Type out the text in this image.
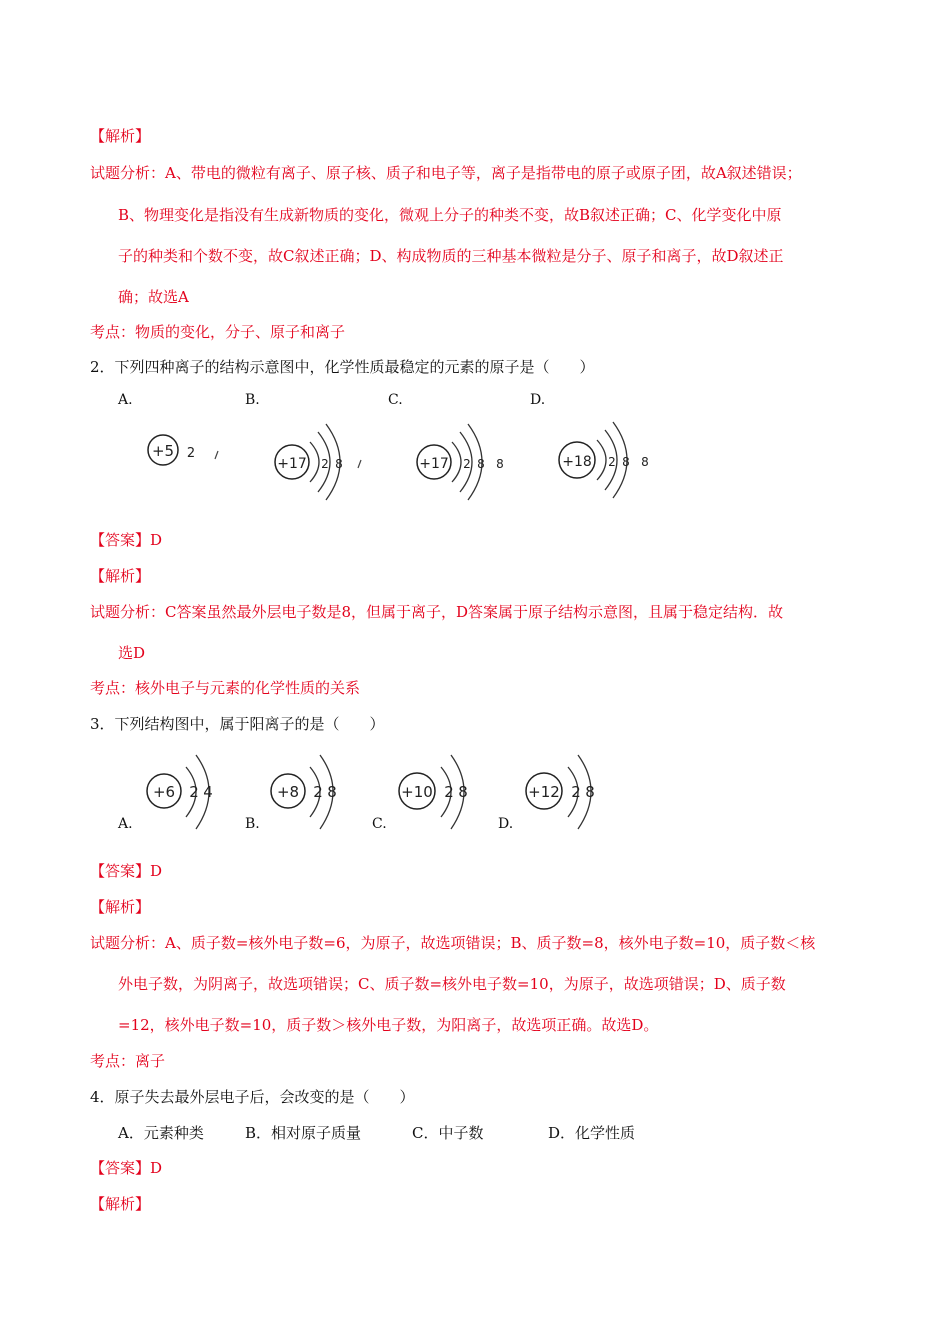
【解析】
试题分析：A、带电的微粒有离子、原子核、质子和电子等，离子是指带电的原子或原子团，故A叙述错误；
B、物理变化是指没有生成新物质的变化，微观上分子的种类不变，故B叙述正确；C、化学变化中原
子的种类和个数不变，故C叙述正确；D、构成物质的三种基本微粒是分子、原子和离子，故D叙述正
确；故选A
考点：物质的变化，分子、原子和离子
2．下列四种离子的结构示意图中，化学性质最稳定的元素的原子是（　　）
A.	B.	C.	D.
+5 2
+17 2 8	+17 2 8 8	+18 2 8 8
【答案】D
【解析】
试题分析：C答案虽然最外层电子数是8，但属于离子，D答案属于原子结构示意图，且属于稳定结构．故
选D
考点：核外电子与元素的化学性质的关系
3．下列结构图中，属于阳离子的是（　　）
+6 2 4	+8 2 8	+10 2 8	+12 2 8
A.	B.	C.	D.
【答案】D
【解析】
试题分析：A、质子数=核外电子数=6，为原子，故选项错误；B、质子数=8，核外电子数=10，质子数＜核
外电子数，为阴离子，故选项错误；C、质子数=核外电子数=10，为原子，故选项错误；D、质子数
=12，核外电子数=10，质子数＞核外电子数，为阳离子，故选项正确。故选D。
考点：离子
4．原子失去最外层电子后，会改变的是（　　）
A．元素种类	B．相对原子质量	C．中子数	D．化学性质
【答案】D
【解析】
